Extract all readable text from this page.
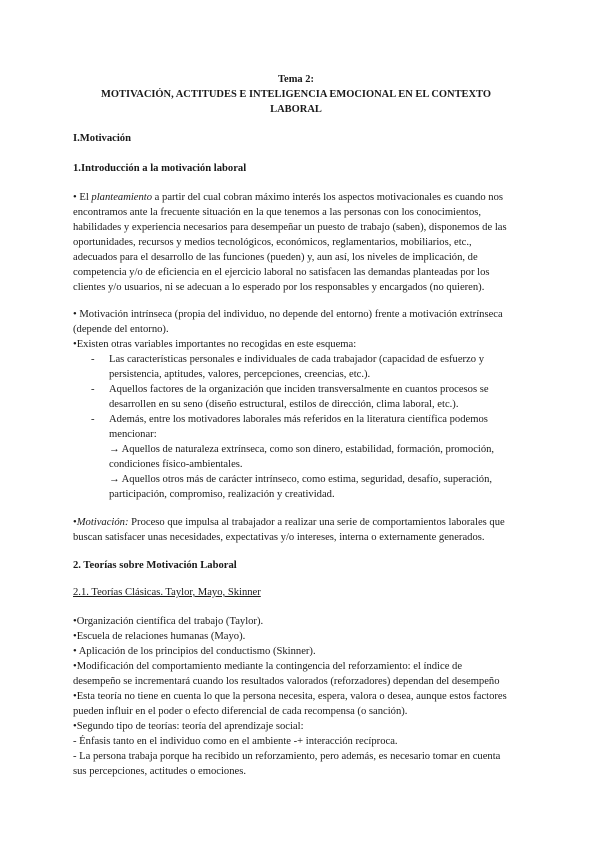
Tema 2:
MOTIVACIÓN, ACTITUDES E INTELIGENCIA EMOCIONAL EN EL CONTEXTO
LABORAL
I.Motivación
1.Introducción a la motivación laboral
• El planteamiento a partir del cual cobran máximo interés los aspectos motivacionales es cuando nos
encontramos ante la frecuente situación en la que tenemos a las personas con los conocimientos,
habilidades y experiencia necesarios para desempeñar un puesto de trabajo (saben), disponemos de las
oportunidades, recursos y medios tecnológicos, económicos, reglamentarios, mobiliarios, etc.,
adecuados para el desarrollo de las funciones (pueden) y, aun así, los niveles de implicación, de
competencia y/o de eficiencia en el ejercicio laboral no satisfacen las demandas planteadas por los
clientes y/o usuarios, ni se adecuan a lo esperado por los responsables y encargados (no quieren).
• Motivación intrínseca (propia del individuo, no depende del entorno) frente a motivación extrínseca
(depende del entorno).
•Existen otras variables importantes no recogidas en este esquema:
- Las características personales e individuales de cada trabajador (capacidad de esfuerzo y
persistencia, aptitudes, valores, percepciones, creencias, etc.).
- Aquellos factores de la organización que inciden transversalmente en cuantos procesos se
desarrollen en su seno (diseño estructural, estilos de dirección, clima laboral, etc.).
- Además, entre los motivadores laborales más referidos en la literatura científica podemos
mencionar:
→ Aquellos de naturaleza extrínseca, como son dinero, estabilidad, formación, promoción,
condiciones físico-ambientales.
→ Aquellos otros más de carácter intrínseco, como estima, seguridad, desafío, superación,
participación, compromiso, realización y creatividad.
•Motivación: Proceso que impulsa al trabajador a realizar una serie de comportamientos laborales que
buscan satisfacer unas necesidades, expectativas y/o intereses, interna o externamente generados.
2. Teorías sobre Motivación Laboral
2.1. Teorías Clásicas. Taylor, Mayo, Skinner
•Organización científica del trabajo (Taylor).
•Escuela de relaciones humanas (Mayo).
• Aplicación de los principios del conductismo (Skinner).
•Modificación del comportamiento mediante la contingencia del reforzamiento: el índice de
desempeño se incrementará cuando los resultados valorados (reforzadores) dependan del desempeño
•Esta teoría no tiene en cuenta lo que la persona necesita, espera, valora o desea, aunque estos factores
pueden influir en el poder o efecto diferencial de cada recompensa (o sanción).
•Segundo tipo de teorías: teoría del aprendizaje social:
- Énfasis tanto en el individuo como en el ambiente -+ interacción recíproca.
- La persona trabaja porque ha recibido un reforzamiento, pero además, es necesario tomar en cuenta
sus percepciones, actitudes o emociones.
